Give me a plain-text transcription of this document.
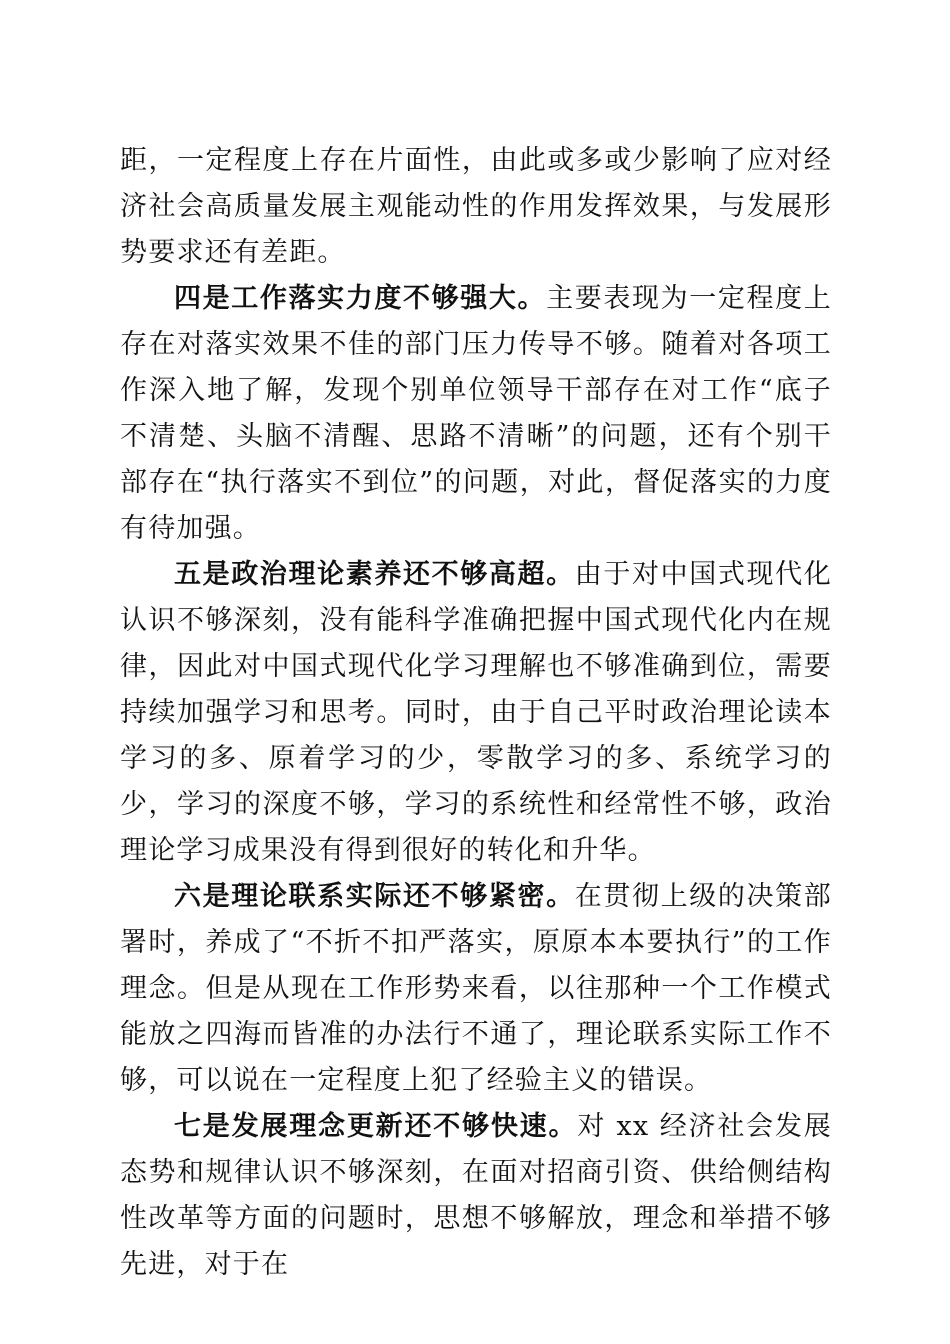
距，一定程度上存在片面性，由此或多或少影响了应对经济社会高质量发展主观能动性的作用发挥效果，与发展形势要求还有差距。

四是工作落实力度不够强大。主要表现为一定程度上存在对落实效果不佳的部门压力传导不够。随着对各项工作深入地了解，发现个别单位领导干部存在对工作“底子不清楚、头脑不清醒、思路不清晰”的问题，还有个别干部存在“执行落实不到位”的问题，对此，督促落实的力度有待加强。

五是政治理论素养还不够高超。由于对中国式现代化认识不够深刻，没有能科学准确把握中国式现代化内在规律，因此对中国式现代化学习理解也不够准确到位，需要持续加强学习和思考。同时，由于自己平时政治理论读本学习的多、原着学习的少，零散学习的多、系统学习的少，学习的深度不够，学习的系统性和经常性不够，政治理论学习成果没有得到很好的转化和升华。

六是理论联系实际还不够紧密。在贯彻上级的决策部署时，养成了“不折不扣严落实，原原本本要执行”的工作理念。但是从现在工作形势来看，以往那种一个工作模式能放之四海而皆准的办法行不通了，理论联系实际工作不够，可以说在一定程度上犯了经验主义的错误。

七是发展理念更新还不够快速。对 xx 经济社会发展态势和规律认识不够深刻，在面对招商引资、供给侧结构性改革等方面的问题时，思想不够解放，理念和举措不够先进，对于在
